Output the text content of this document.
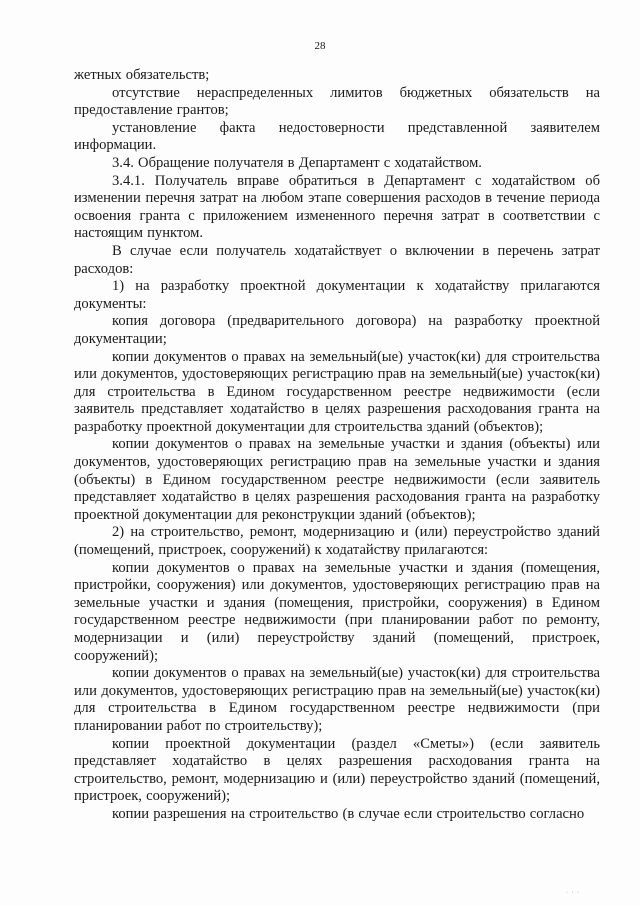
28

жетных обязательств;

отсутствие нераспределенных лимитов бюджетных обязательств на предоставление грантов;

установление факта недостоверности представленной заявителем информации.

3.4. Обращение получателя в Департамент с ходатайством.

3.4.1. Получатель вправе обратиться в Департамент с ходатайством об изменении перечня затрат на любом этапе совершения расходов в течение периода освоения гранта с приложением измененного перечня затрат в соответствии с настоящим пунктом.

В случае если получатель ходатайствует о включении в перечень затрат расходов:

1) на разработку проектной документации к ходатайству прилагаются документы:

копия договора (предварительного договора) на разработку проектной документации;

копии документов о правах на земельный(ые) участок(ки) для строительства или документов, удостоверяющих регистрацию прав на земельный(ые) участок(ки) для строительства в Едином государственном реестре недвижимости (если заявитель представляет ходатайство в целях разрешения расходования гранта на разработку проектной документации для строительства зданий (объектов);

копии документов о правах на земельные участки и здания (объекты) или документов, удостоверяющих регистрацию прав на земельные участки и здания (объекты) в Едином государственном реестре недвижимости (если заявитель представляет ходатайство в целях разрешения расходования гранта на разработку проектной документации для реконструкции зданий (объектов);

2) на строительство, ремонт, модернизацию и (или) переустройство зданий (помещений, пристроек, сооружений) к ходатайству прилагаются:

копии документов о правах на земельные участки и здания (помещения, пристройки, сооружения) или документов, удостоверяющих регистрацию прав на земельные участки и здания (помещения, пристройки, сооружения) в Едином государственном реестре недвижимости (при планировании работ по ремонту, модернизации и (или) переустройству зданий (помещений, пристроек, сооружений);

копии документов о правах на земельный(ые) участок(ки) для строительства или документов, удостоверяющих регистрацию прав на земельный(ые) участок(ки) для строительства в Едином государственном реестре недвижимости (при планировании работ по строительству);

копии проектной документации (раздел «Сметы») (если заявитель представляет ходатайство в целях разрешения расходования гранта на строительство, ремонт, модернизацию и (или) переустройство зданий (помещений, пристроек, сооружений);

копии разрешения на строительство (в случае если строительство согласно

· · ·
